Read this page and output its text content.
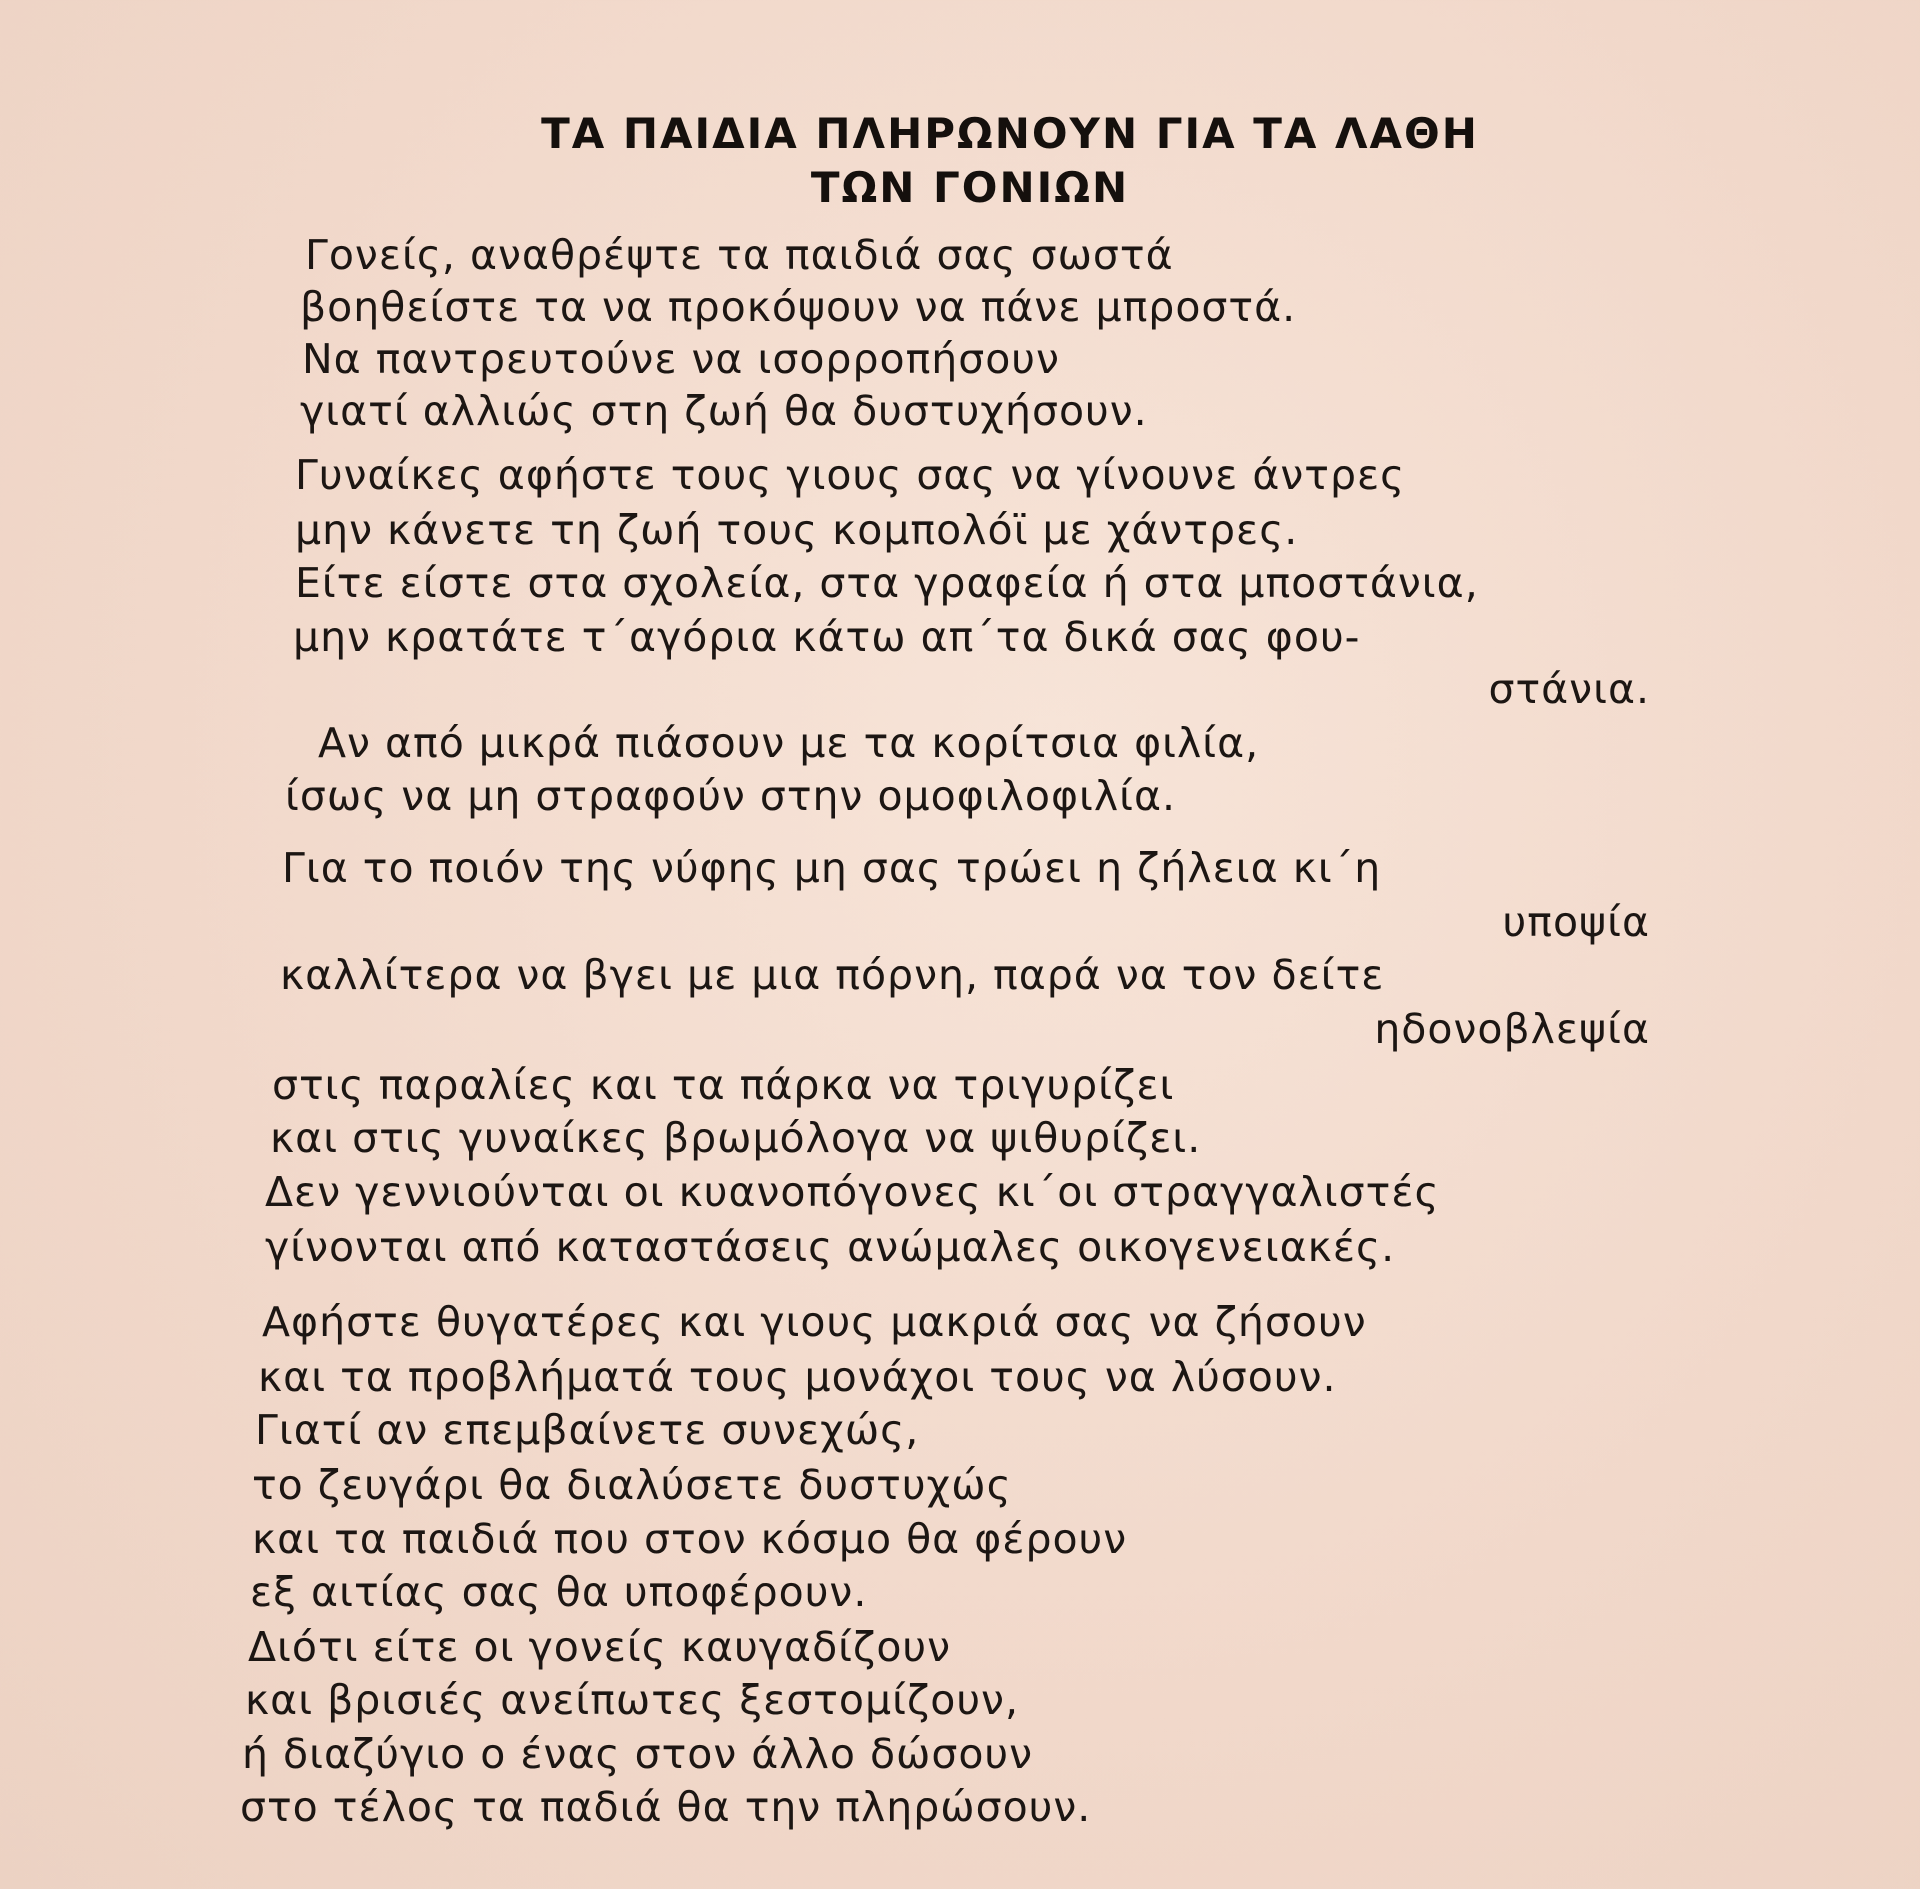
ΤΑ ΠΑΙΔΙΑ ΠΛΗΡΩΝΟΥΝ ΓΙΑ ΤΑ ΛΑΘΗ
ΤΩΝ ΓΟΝΙΩΝ
Γονείς, αναθρέψτε τα παιδιά σας σωστά
βοηθείστε τα να προκόψουν να πάνε μπροστά.
Να παντρευτούνε να ισορροπήσουν
γιατί αλλιώς στη ζωή θα δυστυχήσουν.
Γυναίκες αφήστε τους γιους σας να γίνουνε άντρες
μην κάνετε τη ζωή τους κομπολόϊ με χάντρες.
Είτε είστε στα σχολεία, στα γραφεία ή στα μποστάνια,
μην κρατάτε τ΄αγόρια κάτω απ΄τα δικά σας φου-
στάνια.
Αν από μικρά πιάσουν με τα κορίτσια φιλία,
ίσως να μη στραφούν στην ομοφιλοφιλία.
Για το ποιόν της νύφης μη σας τρώει η ζήλεια κι΄η
υποψία
καλλίτερα να βγει με μια πόρνη, παρά να τον δείτε
ηδονοβλεψία
στις παραλίες και τα πάρκα να τριγυρίζει
και στις γυναίκες βρωμόλογα να ψιθυρίζει.
Δεν γεννιούνται οι κυανοπόγονες κι΄οι στραγγαλιστές
γίνονται από καταστάσεις ανώμαλες οικογενειακές.
Αφήστε θυγατέρες και γιους μακριά σας να ζήσουν
και τα προβλήματά τους μονάχοι τους να λύσουν.
Γιατί αν επεμβαίνετε συνεχώς,
το ζευγάρι θα διαλύσετε δυστυχώς
και τα παιδιά που στον κόσμο θα φέρουν
εξ αιτίας σας θα υποφέρουν.
Διότι είτε οι γονείς καυγαδίζουν
και βρισιές ανείπωτες ξεστομίζουν,
ή διαζύγιο ο ένας στον άλλο δώσουν
στο τέλος τα παδιά θα την πληρώσουν.
